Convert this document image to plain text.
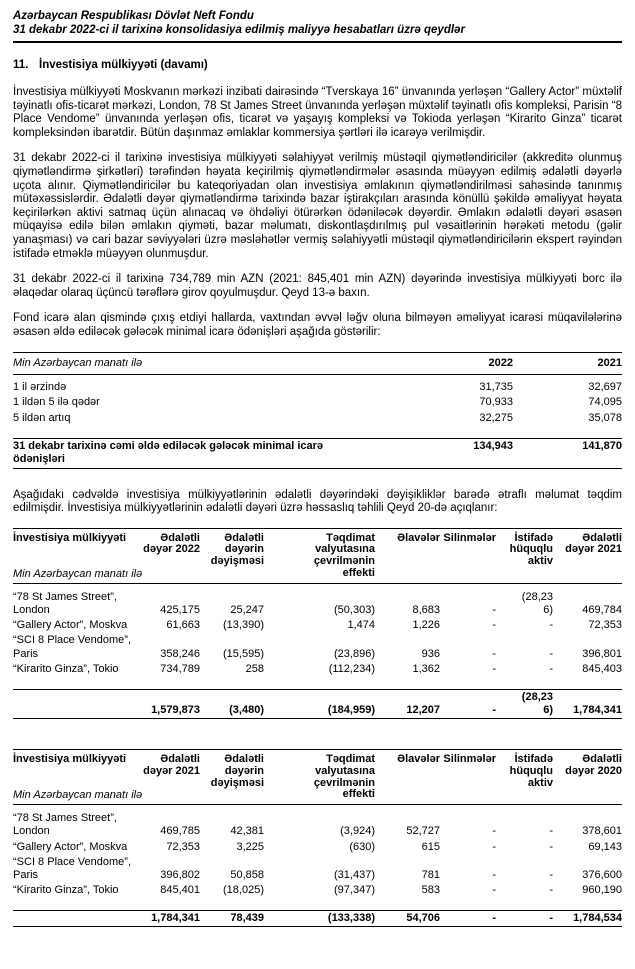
Azərbaycan Respublikası Dövlət Neft Fondu
31 dekabr 2022-ci il tarixinə konsolidasiya edilmiş maliyyə hesabatları üzrə qeydlər
11. İnvestisiya mülkiyyəti (davamı)

İnvestisiya mülkiyyəti Moskvanın mərkəzi inzibati dairəsində “Tverskaya 16” ünvanında yerləşən “Gallery Actor” müxtəlif təyinatlı ofis-ticarət mərkəzi, London, 78 St James Street ünvanında yerləşən müxtəlif təyinatlı ofis kompleksi, Parisin “8 Place Vendome” ünvanında yerləşən ofis, ticarət və yaşayış kompleksi və Tokioda yerləşən “Kirarito Ginza” ticarət kompleksindən ibarətdir. Bütün daşınmaz əmlaklar kommersiya şərtləri ilə icarəyə verilmişdir.

31 dekabr 2022-ci il tarixinə investisiya mülkiyyəti səlahiyyət verilmiş müstəqil qiymətləndiricilər (akkreditə olunmuş qiymətləndirmə şirkətləri) tərəfindən həyata keçirilmiş qiymətləndirmələr əsasında müəyyən edilmiş ədalətli dəyərlə uçota alınır. Qiymətləndiricilər bu kateqoriyadan olan investisiya əmlakının qiymətləndirilməsi sahəsində tanınmış mütəxəssislərdir. Ədalətli dəyər qiymətləndirmə tarixində bazar iştirakçıları arasında könüllü şəkildə əməliyyat həyata keçirilərkən aktivi satmaq üçün alınacaq və öhdəliyi ötürərkən ödəniləcək dəyərdir. Əmlakın ədalətli dəyəri əsasən müqayisə edilə bilən əmlakın qiyməti, bazar məlumatı, diskontlaşdırılmış pul vəsaitlərinin hərəkəti metodu (gəlir yanaşması) və cari bazar səviyyələri üzrə məsləhətlər vermiş səlahiyyətli müstəqil qiymətləndiricilərin ekspert rəyindən istifadə etməklə müəyyən olunmuşdur.

31 dekabr 2022-ci il tarixinə 734,789 min AZN (2021: 845,401 min AZN) dəyərində investisiya mülkiyyəti borc ilə əlaqədar olaraq üçüncü tərəflərə girov qoyulmuşdur. Qeyd 13-ə baxın.

Fond icarə alan qismində çıxış etdiyi hallarda, vaxtından əvvəl ləğv oluna bilməyən əməliyyat icarəsi müqavilələrinə əsasən əldə ediləcək gələcək minimal icarə ödənişləri aşağıda göstərilir:

Min Azərbaycan manatı ilə	2022	2021
1 il ərzində	31,735	32,697
1 ildən 5 ilə qədər	70,933	74,095
5 ildən artıq	32,275	35,078

31 dekabr tarixinə cəmi əldə ediləcək gələcək minimal icarə ödənişləri	134,943	141,870

Aşağıdakı cədvəldə investisiya mülkiyyətlərinin ədalətli dəyərindəki dəyişikliklər barədə ətraflı məlumat təqdim edilmişdir. İnvestisiya mülkiyyətlərinin ədalətli dəyəri üzrə həssaslıq təhlili Qeyd 20-də açıqlanır:

İnvestisiya mülkiyyəti
Min Azərbaycan manatı ilə	Ədalətli dəyər 2022	Ədalətli dəyərin dəyişməsi	Təqdimat valyutasına çevrilmənin effekti	Əlavələr	Silinmələr	İstifadə hüquqlu aktiv	Ədalətli dəyər 2021
“78 St James Street”, London	425,175	25,247	(50,303)	8,683	-	(28,236)	469,784
“Gallery Actor”, Moskva	61,663	(13,390)	1,474	1,226	-	-	72,353
“SCI 8 Place Vendome”, Paris	358,246	(15,595)	(23,896)	936	-	-	396,801
“Kirarito Ginza”, Tokio	734,789	258	(112,234)	1,362	-	-	845,403

	1,579,873	(3,480)	(184,959)	12,207	-	(28,236)	1,784,341
İnvestisiya mülkiyyəti
Min Azərbaycan manatı ilə	Ədalətli dəyər 2021	Ədalətli dəyərin dəyişməsi	Təqdimat valyutasına çevrilmənin effekti	Əlavələr	Silinmələr	İstifadə hüquqlu aktiv	Ədalətli dəyər 2020
“78 St James Street”, London	469,785	42,381	(3,924)	52,727	-	-	378,601
“Gallery Actor”, Moskva	72,353	3,225	(630)	615	-	-	69,143
“SCI 8 Place Vendome”, Paris	396,802	50,858	(31,437)	781	-	-	376,600
“Kirarito Ginza”, Tokio	845,401	(18,025)	(97,347)	583	-	-	960,190

	1,784,341	78,439	(133,338)	54,706	-	-	1,784,534
